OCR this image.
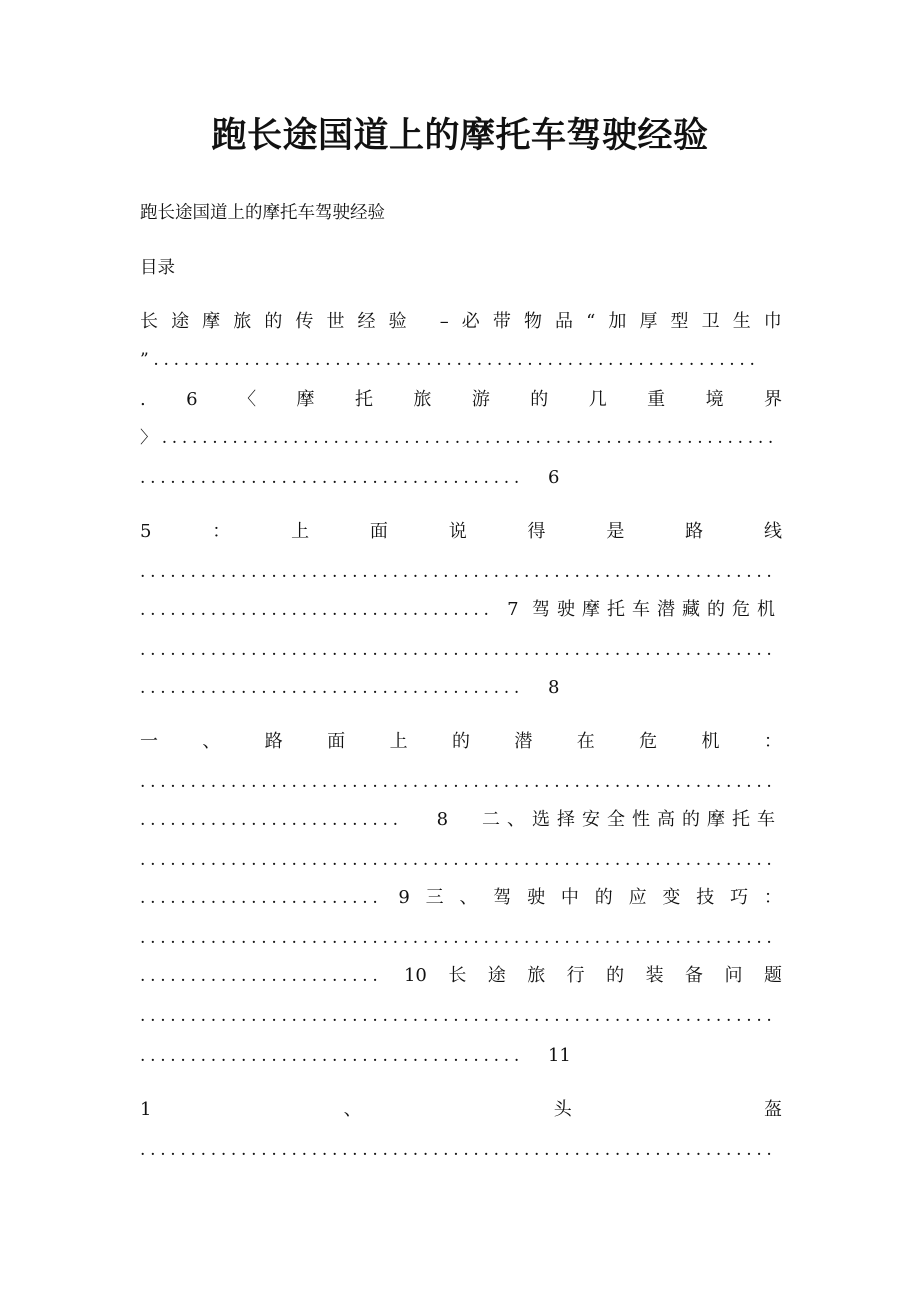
跑长途国道上的摩托车驾驶经验
跑长途国道上的摩托车驾驶经验
目录
长 途 摩 旅 的 传 世 经 验 – 必 带 物 品 “ 加 厚 型 卫 生 巾
”............................................................
. 6 〈 摩 托 旅 游 的 几 重 境 界
〉.............................................................
...................................... 6
5	：	上	面	说	得	是	路	线
...............................................................
................................... 7 驾驶摩托车潜藏的危机
...............................................................
...................................... 8
一 、 路 面 上 的 潜 在 危 机 ：
...............................................................
.......................... 8 二、选择安全性高的摩托车
...............................................................
........................ 9 三 、 驾 驶 中 的 应 变 技 巧 ：
...............................................................
........................ 10 长 途 旅 行 的 装 备 问 题
...............................................................
...................................... 11
1	、	头	盔
...............................................................
